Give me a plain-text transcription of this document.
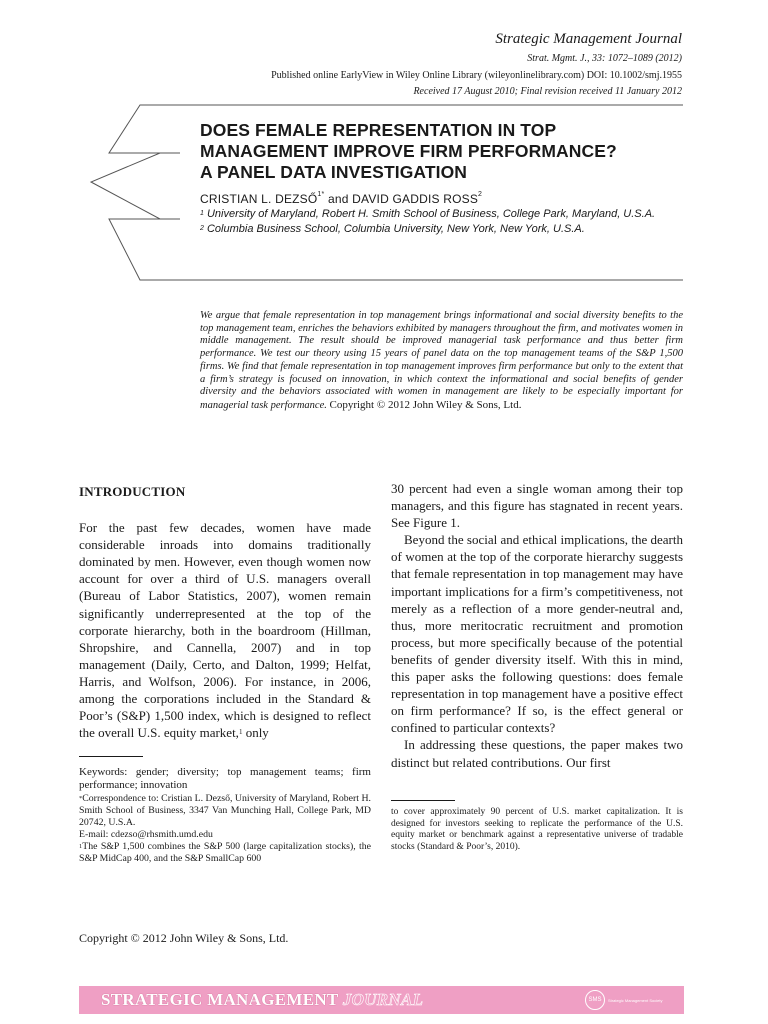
Strategic Management Journal
Strat. Mgmt. J., 33: 1072–1089 (2012)
Published online EarlyView in Wiley Online Library (wileyonlinelibrary.com) DOI: 10.1002/smj.1955
Received 17 August 2010; Final revision received 11 January 2012
DOES FEMALE REPRESENTATION IN TOP
MANAGEMENT IMPROVE FIRM PERFORMANCE?
A PANEL DATA INVESTIGATION
CRISTIAN L. $DEZSŐ^{1*}$ and DAVID GADDIS ROSS$^2$
$^1$ University of Maryland, Robert H. Smith School of Business, College Park, Maryland, U.S.A.
$^2$ Columbia Business School, Columbia University, New York, New York, U.S.A.
We argue that female representation in top management brings informational and social diversity benefits to the top management team, enriches the behaviors exhibited by managers throughout the firm, and motivates women in middle management. The result should be improved managerial task performance and thus better firm performance. We test our theory using 15 years of panel data on the top management teams of the S&P 1,500 firms. We find that female representation in top management improves firm performance but only to the extent that a firm’s strategy is focused on innovation, in which context the informational and social benefits of gender diversity and the behaviors associated with women in management are likely to be especially important for managerial task performance. Copyright © 2012 John Wiley & Sons, Ltd.
INTRODUCTION

For the past few decades, women have made considerable inroads into domains traditionally dominated by men. However, even though women now account for over a third of U.S. managers overall (Bureau of Labor Statistics, 2007), women remain significantly underrepresented at the top of the corporate hierarchy, both in the boardroom (Hillman, Shropshire, and Cannella, 2007) and in top management (Daily, Certo, and Dalton, 1999; Helfat, Harris, and Wolfson, 2006). For instance, in 2006, among the corporations included in the Standard & Poor’s (S&P) 1,500 index, which is designed to reflect the overall U.S. equity market,$^1$ only

30 percent had even a single woman among their top managers, and this figure has stagnated in recent years. See Figure 1.

Beyond the social and ethical implications, the dearth of women at the top of the corporate hierarchy suggests that female representation in top management may have important implications for a firm’s competitiveness, not merely as a reflection of a more gender-neutral and, thus, more meritocratic recruitment and promotion process, but more specifically because of the potential benefits of gender diversity itself. With this in mind, this paper asks the following questions: does female representation in top management have a positive effect on firm performance? If so, is the effect general or confined to particular contexts?

In addressing these questions, the paper makes two distinct but related contributions. Our first

Keywords: gender; diversity; top management teams; firm performance; innovation

*Correspondence to: Cristian L. Dezső, University of Maryland, Robert H. Smith School of Business, 3347 Van Munching Hall, College Park, MD 20742, U.S.A.

E-mail: cdezso@rhsmith.umd.edu

$^1$The S&P 1,500 combines the S&P 500 (large capitalization stocks), the S&P MidCap 400, and the S&P SmallCap 600

to cover approximately 90 percent of U.S. market capitalization. It is designed for investors seeking to replicate the performance of the U.S. equity market or benchmark against a representative universe of tradable stocks (Standard & Poor’s, 2010).

Copyright © 2012 John Wiley & Sons, Ltd.
STRATEGIC MANAGEMENT JOURNAL	SMS	Strategic Management Society
